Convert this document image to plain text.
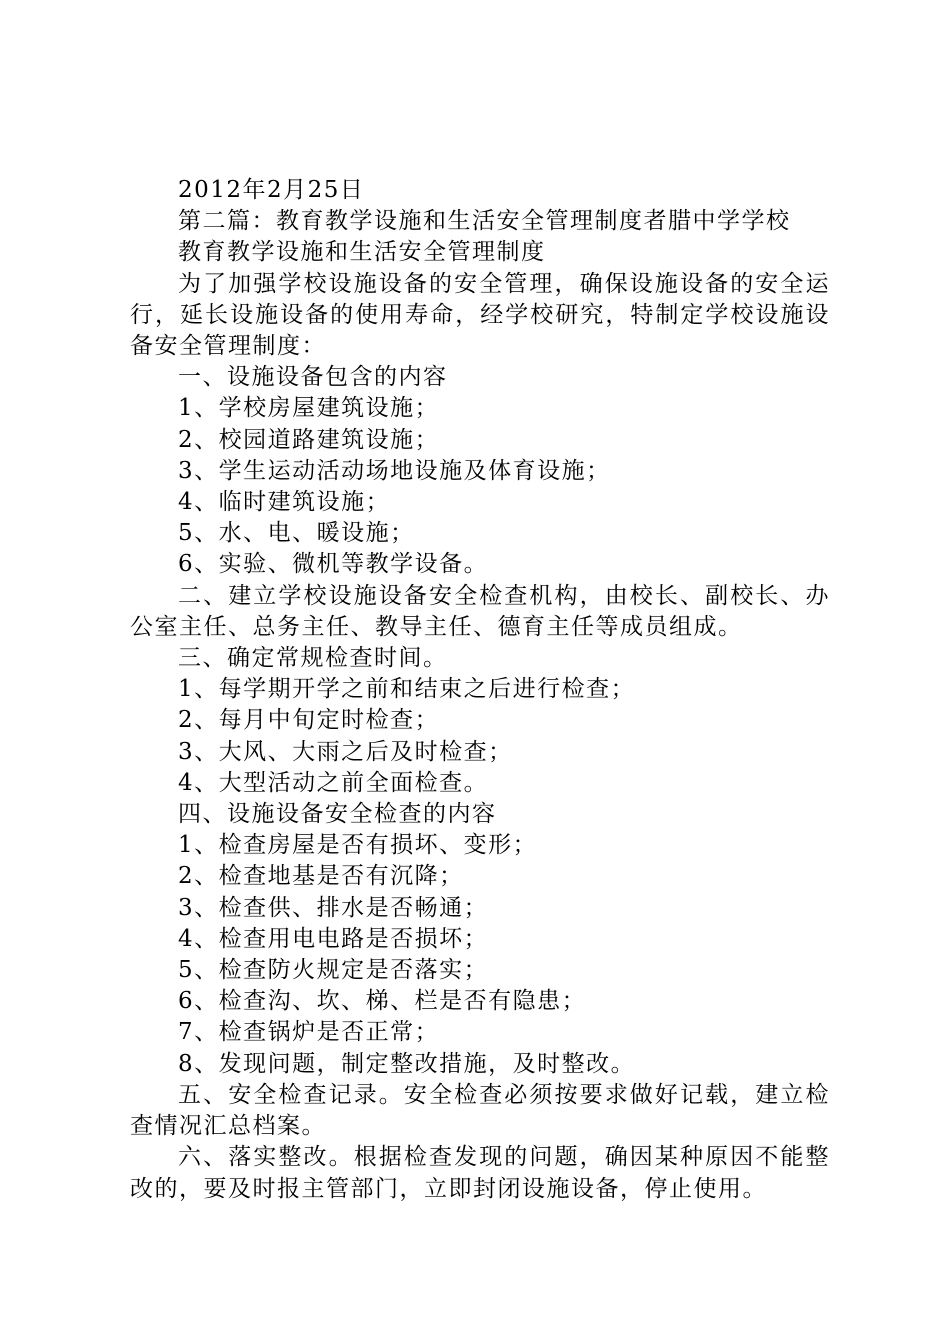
2012年2月25日

第二篇：教育教学设施和生活安全管理制度者腊中学学校

教育教学设施和生活安全管理制度

为了加强学校设施设备的安全管理，确保设施设备的安全运行，延长设施设备的使用寿命，经学校研究，特制定学校设施设备安全管理制度：

一、设施设备包含的内容

1、学校房屋建筑设施；

2、校园道路建筑设施；

3、学生运动活动场地设施及体育设施；

4、临时建筑设施；

5、水、电、暖设施；

6、实验、微机等教学设备。

二、建立学校设施设备安全检查机构，由校长、副校长、办公室主任、总务主任、教导主任、德育主任等成员组成。

三、确定常规检查时间。

1、每学期开学之前和结束之后进行检查；

2、每月中旬定时检查；

3、大风、大雨之后及时检查；

4、大型活动之前全面检查。

四、设施设备安全检查的内容

1、检查房屋是否有损坏、变形；

2、检查地基是否有沉降；

3、检查供、排水是否畅通；

4、检查用电电路是否损坏；

5、检查防火规定是否落实；

6、检查沟、坎、梯、栏是否有隐患；

7、检查锅炉是否正常；

8、发现问题，制定整改措施，及时整改。

五、安全检查记录。安全检查必须按要求做好记载，建立检查情况汇总档案。

六、落实整改。根据检查发现的问题，确因某种原因不能整改的，要及时报主管部门，立即封闭设施设备，停止使用。
